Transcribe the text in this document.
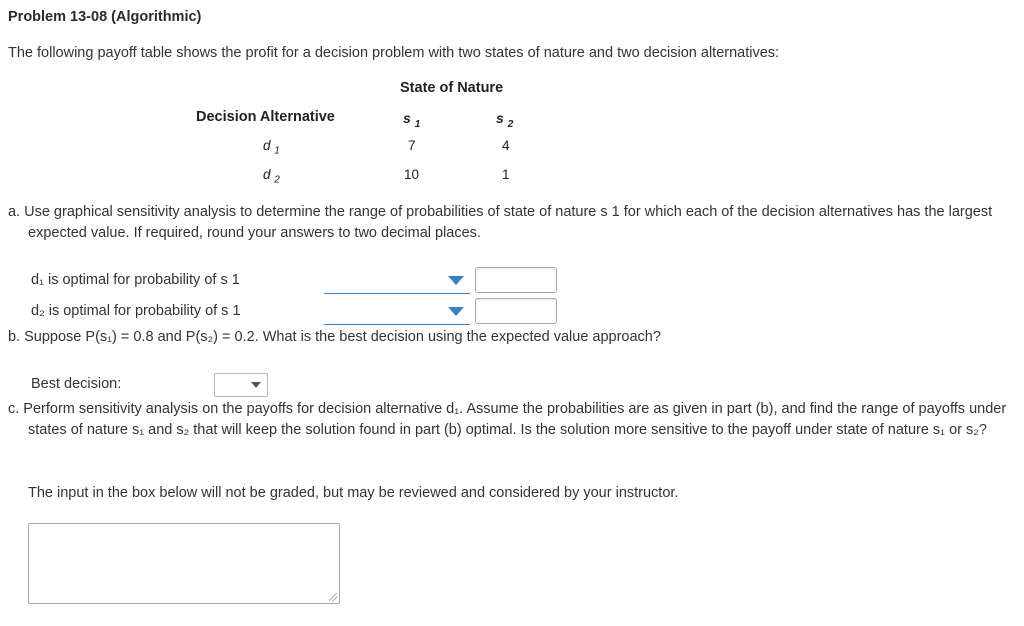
Problem 13-08 (Algorithmic)
The following payoff table shows the profit for a decision problem with two states of nature and two decision alternatives:
State of Nature
Decision Alternative	s $_1$	s $_2$
d $_1$	7	4
d $_2$	10	1
a. Use graphical sensitivity analysis to determine the range of probabilities of state of nature s 1 for which each of the decision alternatives has the largest expected value. If required, round your answers to two decimal places.
d₁ is optimal for probability of s 1
d₂ is optimal for probability of s 1
b. Suppose P(s₁) = 0.8 and P(s₂) = 0.2. What is the best decision using the expected value approach?
Best decision:
c. Perform sensitivity analysis on the payoffs for decision alternative d₁. Assume the probabilities are as given in part (b), and find the range of payoffs under states of nature s₁ and s₂ that will keep the solution found in part (b) optimal. Is the solution more sensitive to the payoff under state of nature s₁ or s₂?
The input in the box below will not be graded, but may be reviewed and considered by your instructor.
